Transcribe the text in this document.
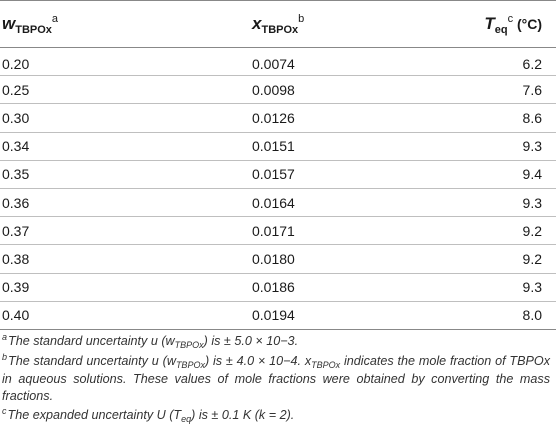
$w_{TBPOx}^a$	$x_{TBPOx}^b$	$T_{eq}^c$ (°C)
0.20	0.0074	6.2
0.25	0.0098	7.6
0.30	0.0126	8.6
0.34	0.0151	9.3
0.35	0.0157	9.4
0.36	0.0164	9.3
0.37	0.0171	9.2
0.38	0.0180	9.2
0.39	0.0186	9.3
0.40	0.0194	8.0

$^a$The standard uncertainty u $(w_{TBPOx})$ is ± 5.0 × 10−3.

$^b$The standard uncertainty u $(w_{TBPOx})$ is ± 4.0 × 10−4. $x_{TBPOx}$ indicates the mole fraction of TBPOx in aqueous solutions. These values of mole fractions were obtained by converting the mass fractions.

$^c$The expanded uncertainty U $(T_{eq})$ is ± 0.1 K (k = 2).
